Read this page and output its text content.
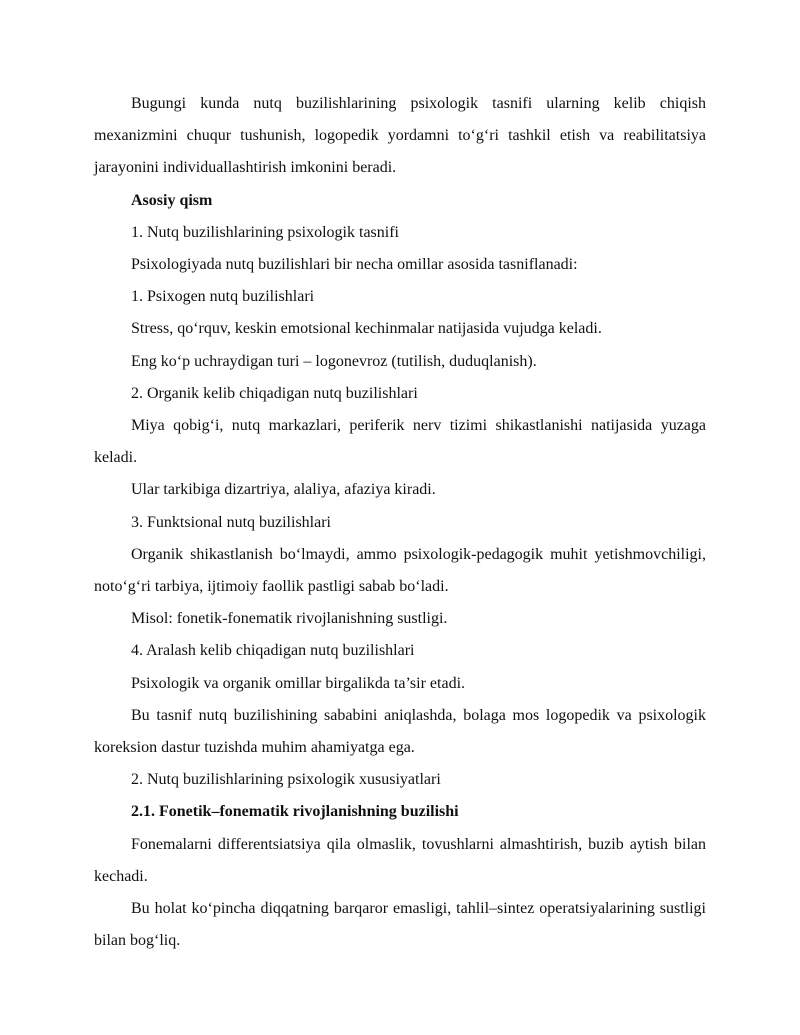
Bugungi kunda nutq buzilishlarining psixologik tasnifi ularning kelib chiqish mexanizmini chuqur tushunish, logopedik yordamni to‘g‘ri tashkil etish va reabilitatsiya jarayonini individuallashtirish imkonini beradi.

Asosiy qism

1. Nutq buzilishlarining psixologik tasnifi

Psixologiyada nutq buzilishlari bir necha omillar asosida tasniflanadi:

1. Psixogen nutq buzilishlari

Stress, qo‘rquv, keskin emotsional kechinmalar natijasida vujudga keladi.

Eng ko‘p uchraydigan turi – logonevroz (tutilish, duduqlanish).

2. Organik kelib chiqadigan nutq buzilishlari

Miya qobig‘i, nutq markazlari, periferik nerv tizimi shikastlanishi natijasida yuzaga keladi.

Ular tarkibiga dizartriya, alaliya, afaziya kiradi.

3. Funktsional nutq buzilishlari

Organik shikastlanish bo‘lmaydi, ammo psixologik-pedagogik muhit yetishmovchiligi, noto‘g‘ri tarbiya, ijtimoiy faollik pastligi sabab bo‘ladi.

Misol: fonetik-fonematik rivojlanishning sustligi.

4. Aralash kelib chiqadigan nutq buzilishlari

Psixologik va organik omillar birgalikda ta’sir etadi.

Bu tasnif nutq buzilishining sababini aniqlashda, bolaga mos logopedik va psixologik koreksion dastur tuzishda muhim ahamiyatga ega.

2. Nutq buzilishlarining psixologik xususiyatlari

2.1. Fonetik–fonematik rivojlanishning buzilishi

Fonemalarni differentsiatsiya qila olmaslik, tovushlarni almashtirish, buzib aytish bilan kechadi.

Bu holat ko‘pincha diqqatning barqaror emasligi, tahlil–sintez operatsiyalarining sustligi bilan bog‘liq.
